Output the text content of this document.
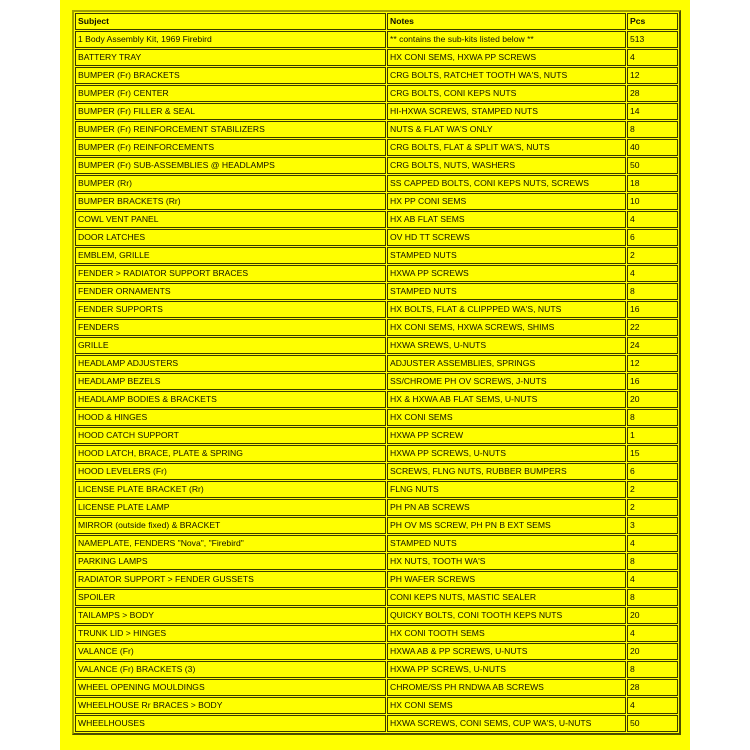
Subject	Notes	Pcs
1 Body Assembly Kit, 1969 Firebird	** contains the sub-kits listed below **	513
BATTERY TRAY	HX CONI SEMS, HXWA PP SCREWS	4
BUMPER (Fr) BRACKETS	CRG BOLTS, RATCHET TOOTH WA'S, NUTS	12
BUMPER (Fr) CENTER	CRG BOLTS, CONI KEPS NUTS	28
BUMPER (Fr) FILLER & SEAL	HI-HXWA SCREWS, STAMPED NUTS	14
BUMPER (Fr) REINFORCEMENT STABILIZERS	NUTS & FLAT WA'S ONLY	8
BUMPER (Fr) REINFORCEMENTS	CRG BOLTS, FLAT & SPLIT WA'S, NUTS	40
BUMPER (Fr) SUB-ASSEMBLIES @ HEADLAMPS	CRG BOLTS, NUTS, WASHERS	50
BUMPER (Rr)	SS CAPPED BOLTS, CONI KEPS NUTS, SCREWS	18
BUMPER BRACKETS (Rr)	HX PP CONI SEMS	10
COWL VENT PANEL	HX AB FLAT SEMS	4
DOOR LATCHES	OV HD TT SCREWS	6
EMBLEM, GRILLE	STAMPED NUTS	2
FENDER > RADIATOR SUPPORT BRACES	HXWA PP SCREWS	4
FENDER ORNAMENTS	STAMPED NUTS	8
FENDER SUPPORTS	HX BOLTS, FLAT & CLIPPPED WA'S, NUTS	16
FENDERS	HX CONI SEMS, HXWA SCREWS, SHIMS	22
GRILLE	HXWA SREWS, U-NUTS	24
HEADLAMP ADJUSTERS	ADJUSTER ASSEMBLIES, SPRINGS	12
HEADLAMP BEZELS	SS/CHROME PH OV SCREWS, J-NUTS	16
HEADLAMP BODIES & BRACKETS	HX & HXWA AB FLAT SEMS, U-NUTS	20
HOOD & HINGES	HX CONI SEMS	8
HOOD CATCH SUPPORT	HXWA PP SCREW	1
HOOD LATCH, BRACE, PLATE & SPRING	HXWA PP SCREWS, U-NUTS	15
HOOD LEVELERS (Fr)	SCREWS, FLNG NUTS, RUBBER BUMPERS	6
LICENSE PLATE BRACKET (Rr)	FLNG NUTS	2
LICENSE PLATE LAMP	PH PN AB SCREWS	2
MIRROR (outside fixed) & BRACKET	PH OV MS SCREW, PH PN B EXT SEMS	3
NAMEPLATE, FENDERS "Nova", "Firebird"	STAMPED NUTS	4
PARKING LAMPS	HX NUTS, TOOTH WA'S	8
RADIATOR SUPPORT > FENDER GUSSETS	PH WAFER SCREWS	4
SPOILER	CONI KEPS NUTS, MASTIC SEALER	8
TAILAMPS > BODY	QUICKY BOLTS, CONI TOOTH KEPS NUTS	20
TRUNK LID > HINGES	HX CONI TOOTH SEMS	4
VALANCE (Fr)	HXWA AB & PP SCREWS, U-NUTS	20
VALANCE (Fr) BRACKETS (3)	HXWA PP SCREWS, U-NUTS	8
WHEEL OPENING MOULDINGS	CHROME/SS PH RNDWA AB SCREWS	28
WHEELHOUSE Rr BRACES > BODY	HX CONI SEMS	4
WHEELHOUSES	HXWA SCREWS, CONI SEMS, CUP WA'S, U-NUTS	50
